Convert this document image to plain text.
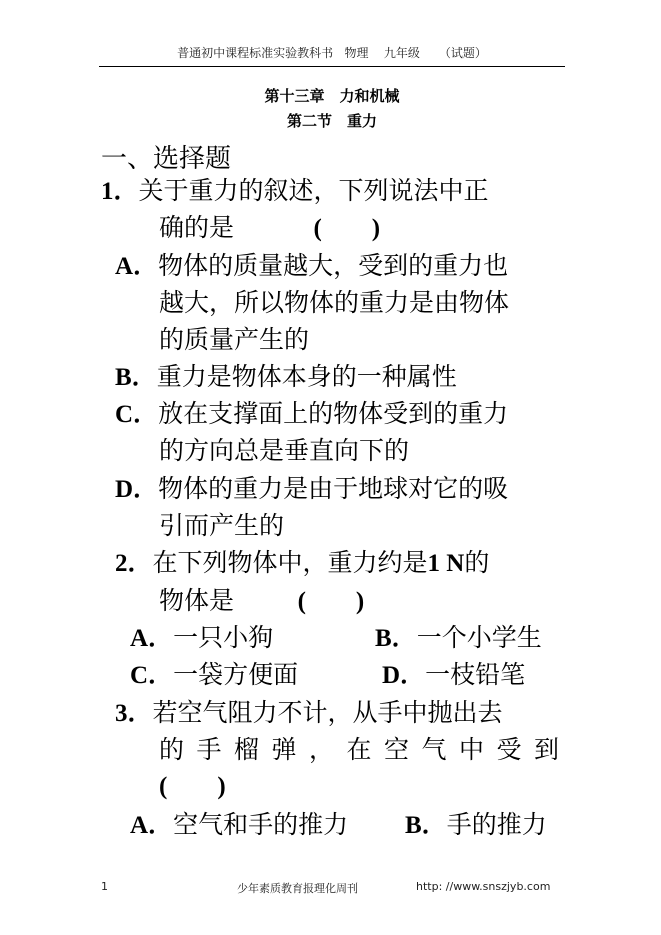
普通初中课程标准实验教科书 物理 九年级 （试题）
第十三章　力和机械
第二节　重力
一、选择题
1．关于重力的叙述，下列说法中正
确的是	(　　)
A．物体的质量越大，受到的重力也
越大，所以物体的重力是由物体
的质量产生的
B．重力是物体本身的一种属性
C．放在支撑面上的物体受到的重力
的方向总是垂直向下的
D．物体的重力是由于地球对它的吸
引而产生的
2．在下列物体中，重力约是1 N的
物体是	(　　)
A．一只小狗	B．一个小学生
C．一袋方便面	D．一枝铅笔
3．若空气阻力不计，从手中抛出去
的手榴弹，在空气中受到
(　　)
A．空气和手的推力 B．手的推力
1	少年素质教育报理化周刊	http: //www.snszjyb.com
